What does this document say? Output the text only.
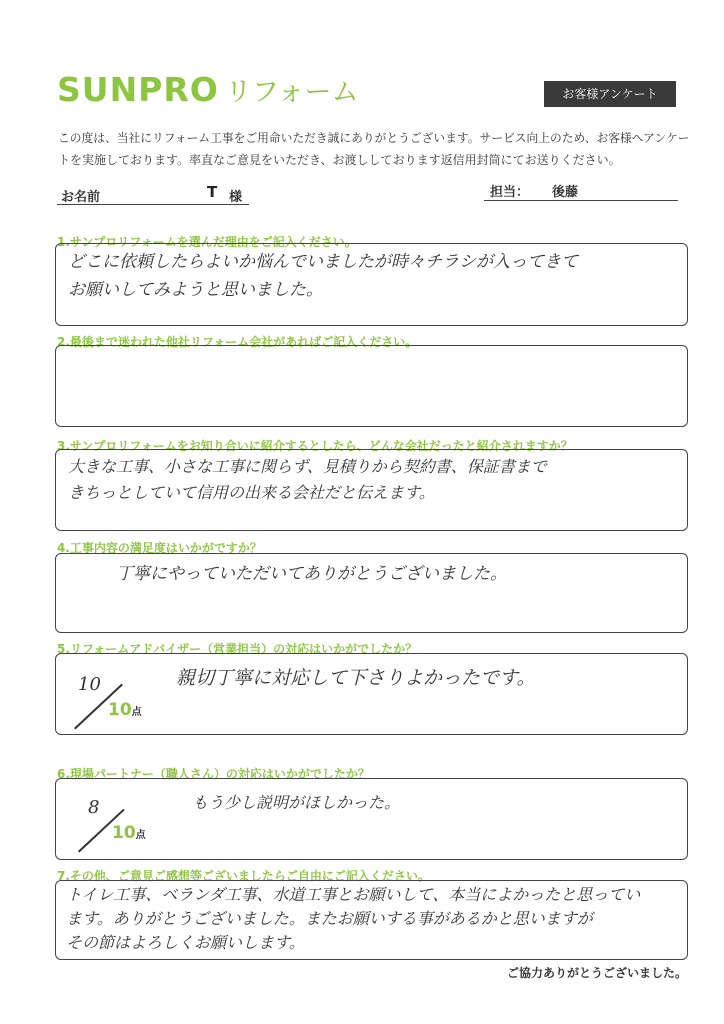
SUNPRO リフォーム	お客様アンケート
この度は、当社にリフォーム工事をご用命いただき誠にありがとうございます。サービス向上のため、お客様へアンケー
トを実施しております。率直なご意見をいただき、お渡ししております返信用封筒にてお送りください。
お名前	T 様	担当： 後藤
1.サンプロリフォームを選んだ理由をご記入ください。
どこに依頼したらよいか悩んでいましたが時々チラシが入ってきて
お願いしてみようと思いました。
2.最後まで迷われた他社リフォーム会社があればご記入ください。
3.サンプロリフォームをお知り合いに紹介するとしたら、どんな会社だったと紹介されますか？
大きな工事、小さな工事に関らず、見積りから契約書、保証書まで
きちっとしていて信用の出来る会社だと伝えます。
4.工事内容の満足度はいかがですか？
丁寧にやっていただいてありがとうございました。
5.リフォームアドバイザー（営業担当）の対応はいかがでしたか？
10
10点
親切丁寧に対応して下さりよかったです。
6.現場パートナー（職人さん）の対応はいかがでしたか？
8
10点
もう少し説明がほしかった。
7.その他、ご意見ご感想等ございましたらご自由にご記入ください。
トイレ工事、ベランダ工事、水道工事とお願いして、本当によかったと思ってい
ます。ありがとうございました。またお願いする事があるかと思いますが
その節はよろしくお願いします。
ご協力ありがとうございました。
